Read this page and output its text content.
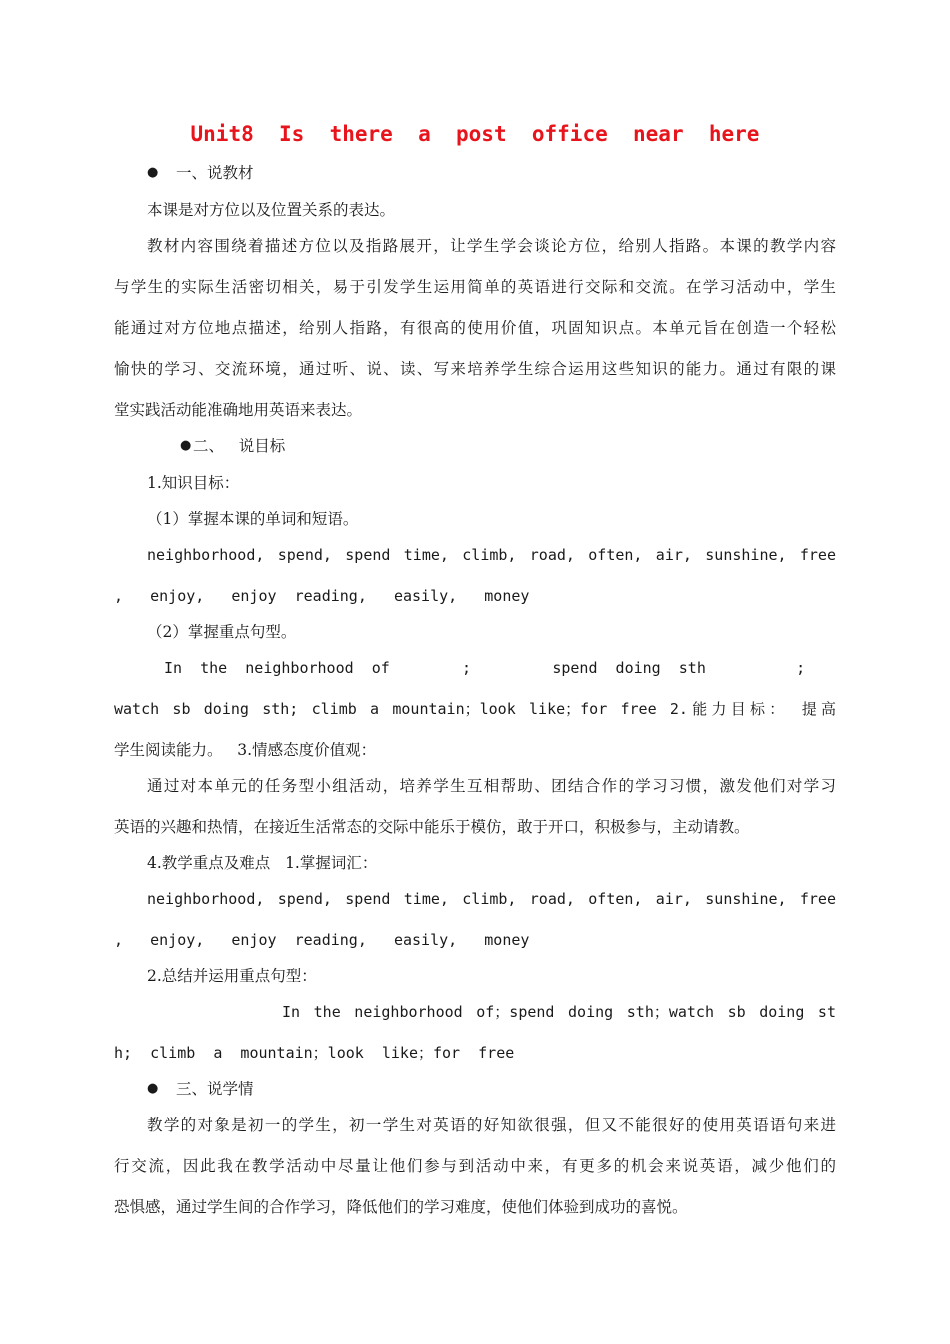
Unit8  Is  there  a  post  office  near  here
● 一、说教材
本课是对方位以及位置关系的表达。
教材内容围绕着描述方位以及指路展开，让学生学会谈论方位，给别人指路。本课的教学内容
与学生的实际生活密切相关，易于引发学生运用简单的英语进行交际和交流。在学习活动中，学生
能通过对方位地点描述，给别人指路，有很高的使用价值，巩固知识点。本单元旨在创造一个轻松
愉快的学习、交流环境，通过听、说、读、写来培养学生综合运用这些知识的能力。通过有限的课
堂实践活动能准确地用英语来表达。
● 二、   说目标
1.知识目标：
（1）掌握本课的单词和短语。
neighborhood, spend, spend time, climb, road, often, air, sunshine, free
,   enjoy,   enjoy  reading,   easily,   money
（2）掌握重点句型。
In  the  neighborhood  of        ;         spend  doing  sth          ;
watch sb doing sth; climb a mountain；look like；for free 2.能力目标： 提高
学生阅读能力。   3.情感态度价值观：
通过对本单元的任务型小组活动，培养学生互相帮助、团结合作的学习习惯，激发他们对学习
英语的兴趣和热情，在接近生活常态的交际中能乐于模仿，敢于开口，积极参与，主动请教。
4.教学重点及难点   1.掌握词汇：
neighborhood, spend, spend time, climb, road, often, air, sunshine, free
,   enjoy,   enjoy  reading,   easily,   money
2.总结并运用重点句型：
In the neighborhood of；spend doing sth；watch sb doing st
h;  climb  a  mountain；look  like；for  free
● 三、说学情
教学的对象是初一的学生，初一学生对英语的好知欲很强，但又不能很好的使用英语语句来进
行交流，因此我在教学活动中尽量让他们参与到活动中来，有更多的机会来说英语，减少他们的
恐惧感，通过学生间的合作学习，降低他们的学习难度，使他们体验到成功的喜悦。
